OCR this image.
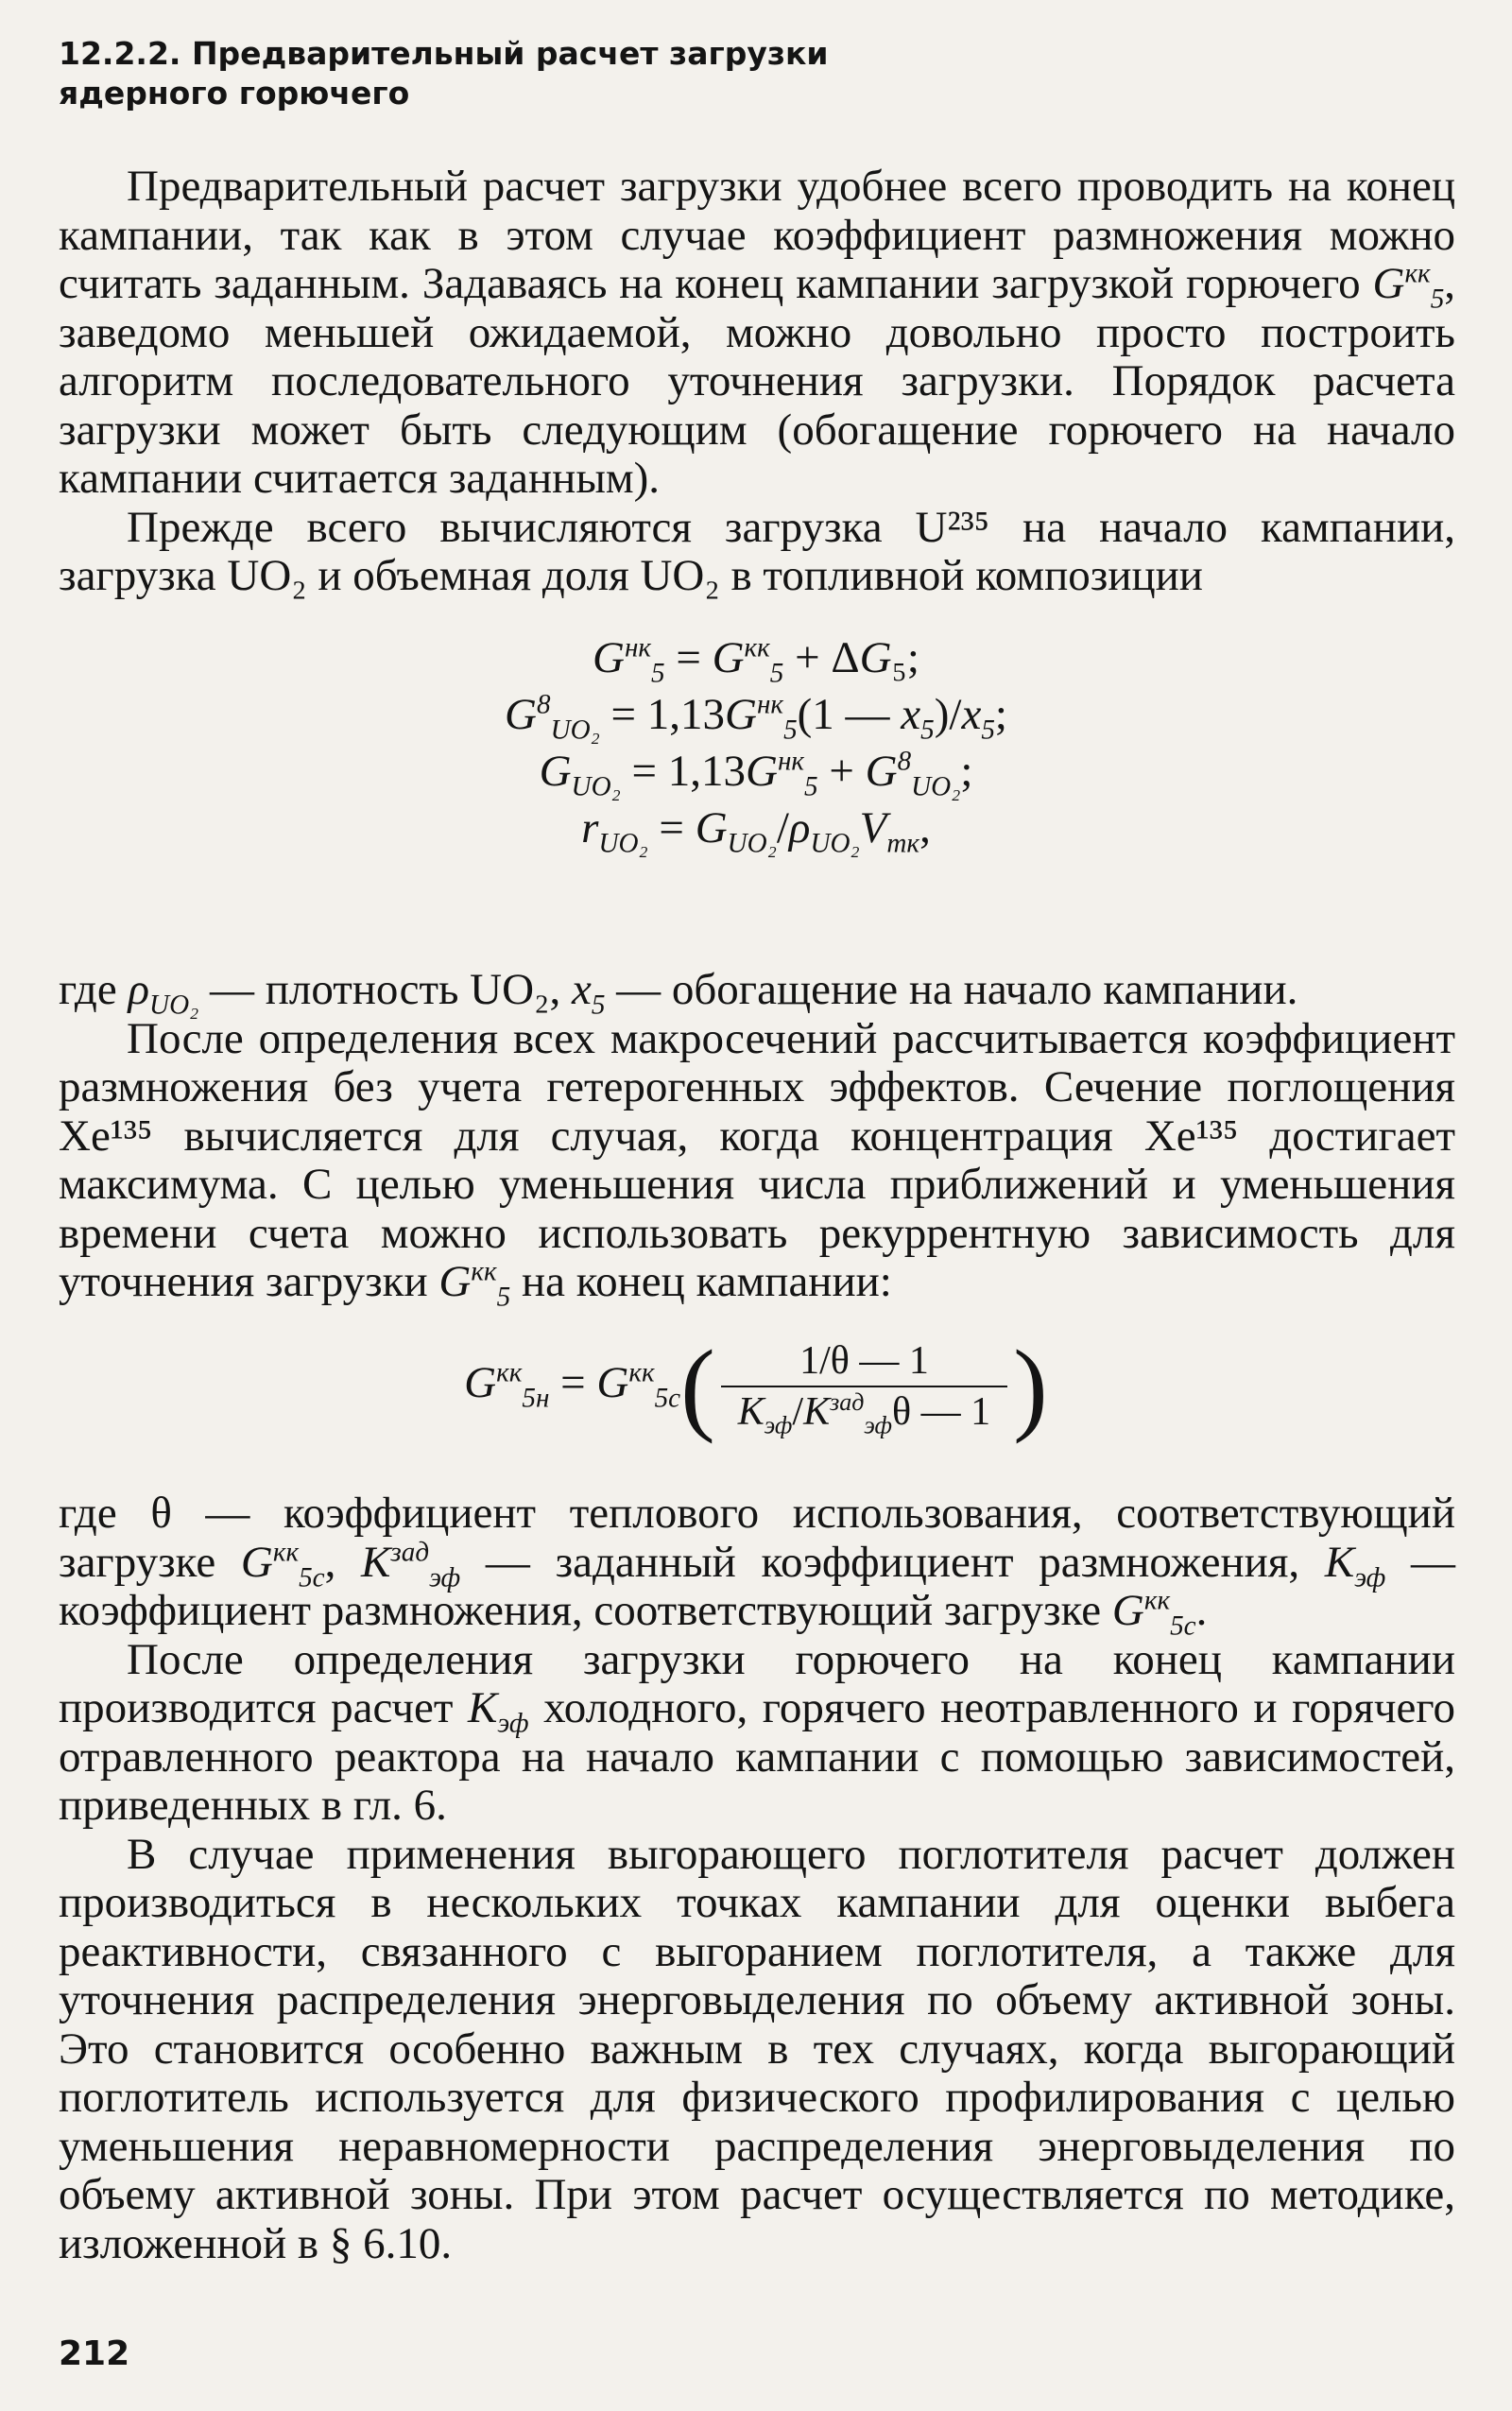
12.2.2. Предварительный расчет загрузки
ядерного горючего

Предварительный расчет загрузки удобнее всего проводить на конец кампании, так как в этом случае коэффициент размножения можно считать заданным. Задаваясь на конец кампании загрузкой горючего $G^{кк}_5$, заведомо меньшей ожидаемой, можно довольно просто построить алгоритм последовательного уточнения загрузки. Порядок расчета загрузки может быть следующим (обогащение горючего на начало кампании считается заданным).

Прежде всего вычисляются загрузка U²³⁵ на начало кампании, загрузка UO₂ и объемная доля UO₂ в топливной композиции

$G^{нк}_5 = G^{кк}_5 + \Delta G_5$;
$G^8_{UO_2} = 1,13G^{нк}_5(1$ — $x_5)/x_5$;
$G_{UO_2} = 1,13G^{нк}_5 + G^8_{UO_2}$;
$r_{UO_2} = G_{UO_2}/\rho_{UO_2}V_{тк}$,

где $\rho_{UO_2}$ — плотность UO₂, $x_5$ — обогащение на начало кампании.

После определения всех макросечений рассчитывается коэффициент размножения без учета гетерогенных эффектов. Сечение поглощения Xe¹³⁵ вычисляется для случая, когда концентрация Xe¹³⁵ достигает максимума. С целью уменьшения числа приближений и уменьшения времени счета можно использовать рекуррентную зависимость для уточнения загрузки $G^{кк}_5$ на конец кампании:

$G^{кк}_{5н} = G^{кк}_{5с}( \frac{1/\theta — 1}{K_{эф}/K^{зад}_{эф}\theta — 1}$ )

где θ — коэффициент теплового использования, соответствующий загрузке $G^{кк}_{5с}$, $K^{зад}_{эф}$ — заданный коэффициент размножения, $K_{эф}$ — коэффициент размножения, соответствующий загрузке $G^{кк}_{5с}$.

После определения загрузки горючего на конец кампании производится расчет $K_{эф}$ холодного, горячего неотравленного и горячего отравленного реактора на начало кампании с помощью зависимостей, приведенных в гл. 6.

В случае применения выгорающего поглотителя расчет должен производиться в нескольких точках кампании для оценки выбега реактивности, связанного с выгоранием поглотителя, а также для уточнения распределения энерговыделения по объему активной зоны. Это становится особенно важным в тех случаях, когда выгорающий поглотитель используется для физического профилирования с целью уменьшения неравномерности распределения энерговыделения по объему активной зоны. При этом расчет осуществляется по методике, изложенной в § 6.10.

212
